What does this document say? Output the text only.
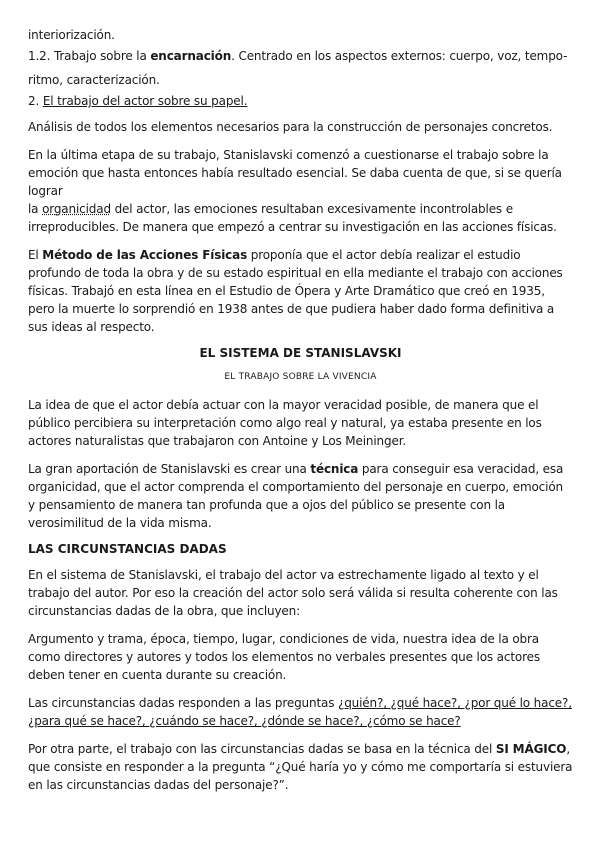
interiorización.

1.2. Trabajo sobre la encarnación. Centrado en los aspectos externos: cuerpo, voz, tempo-

ritmo, caracterización.

2. El trabajo del actor sobre su papel.

Análisis de todos los elementos necesarios para la construcción de personajes concretos.

En la última etapa de su trabajo, Stanislavski comenzó a cuestionarse el trabajo sobre la
emoción que hasta entonces había resultado esencial. Se daba cuenta de que, si se quería lograr
la organicidad del actor, las emociones resultaban excesivamente incontrolables e
irreproducibles. De manera que empezó a centrar su investigación en las acciones físicas.

El Método de las Acciones Físicas proponía que el actor debía realizar el estudio profundo de toda la obra y de su estado espiritual en ella mediante el trabajo con acciones físicas. Trabajó en esta línea en el Estudio de Ópera y Arte Dramático que creó en 1935, pero la muerte lo sorprendió en 1938 antes de que pudiera haber dado forma definitiva a sus ideas al respecto.

EL SISTEMA DE STANISLAVSKI

EL TRABAJO SOBRE LA VIVENCIA

La idea de que el actor debía actuar con la mayor veracidad posible, de manera que el público percibiera su interpretación como algo real y natural, ya estaba presente en los actores naturalistas que trabajaron con Antoine y Los Meininger.

La gran aportación de Stanislavski es crear una técnica para conseguir esa veracidad, esa organicidad, que el actor comprenda el comportamiento del personaje en cuerpo, emoción y pensamiento de manera tan profunda que a ojos del público se presente con la verosimilitud de la vida misma.

LAS CIRCUNSTANCIAS DADAS

En el sistema de Stanislavski, el trabajo del actor va estrechamente ligado al texto y el trabajo del autor. Por eso la creación del actor solo será válida si resulta coherente con las circunstancias dadas de la obra, que incluyen:

Argumento y trama, época, tiempo, lugar, condiciones de vida, nuestra idea de la obra como directores y autores y todos los elementos no verbales presentes que los actores deben tener en cuenta durante su creación.

Las circunstancias dadas responden a las preguntas ¿quién?, ¿qué hace?, ¿por qué lo hace?,
¿para qué se hace?, ¿cuándo se hace?, ¿dónde se hace?, ¿cómo se hace?

Por otra parte, el trabajo con las circunstancias dadas se basa en la técnica del SI MÁGICO, que consiste en responder a la pregunta “¿Qué haría yo y cómo me comportaría si estuviera en las circunstancias dadas del personaje?”.
